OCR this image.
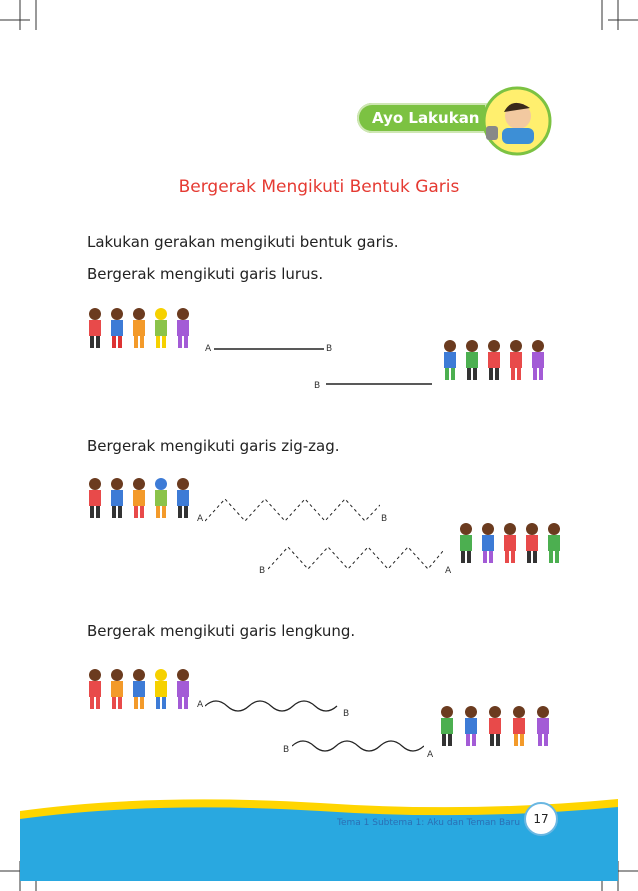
Ayo Lakukan
Bergerak Mengikuti Bentuk Garis
Lakukan gerakan mengikuti bentuk garis.
Bergerak mengikuti garis lurus.
A	B
B
Bergerak mengikuti garis zig-zag.
A	B
B	A
Bergerak mengikuti garis lengkung.
A
B
B	A
Tema 1 Subtema 1: Aku dan Teman Baru	17
